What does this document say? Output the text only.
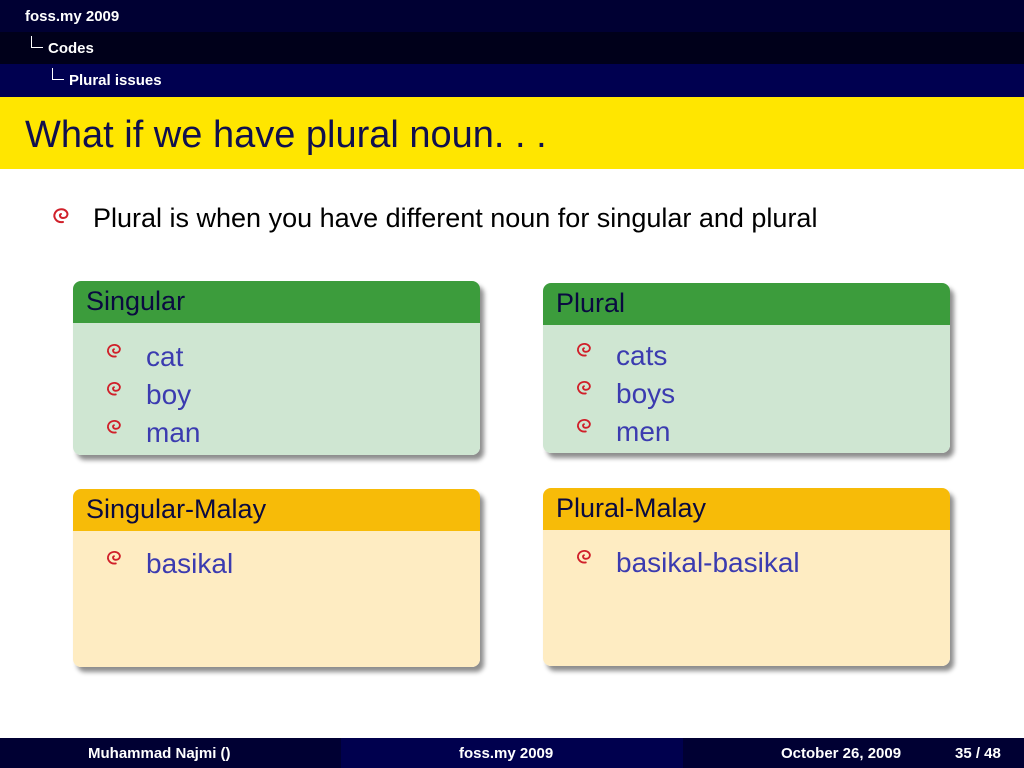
foss.my 2009
Codes
Plural issues
What if we have plural noun. . .
Plural is when you have different noun for singular and plural
Singular
cat
boy
man
Plural
cats
boys
men
Singular-Malay
basikal
Plural-Malay
basikal-basikal
Muhammad Najmi ()	foss.my 2009	October 26, 2009	35 / 48
